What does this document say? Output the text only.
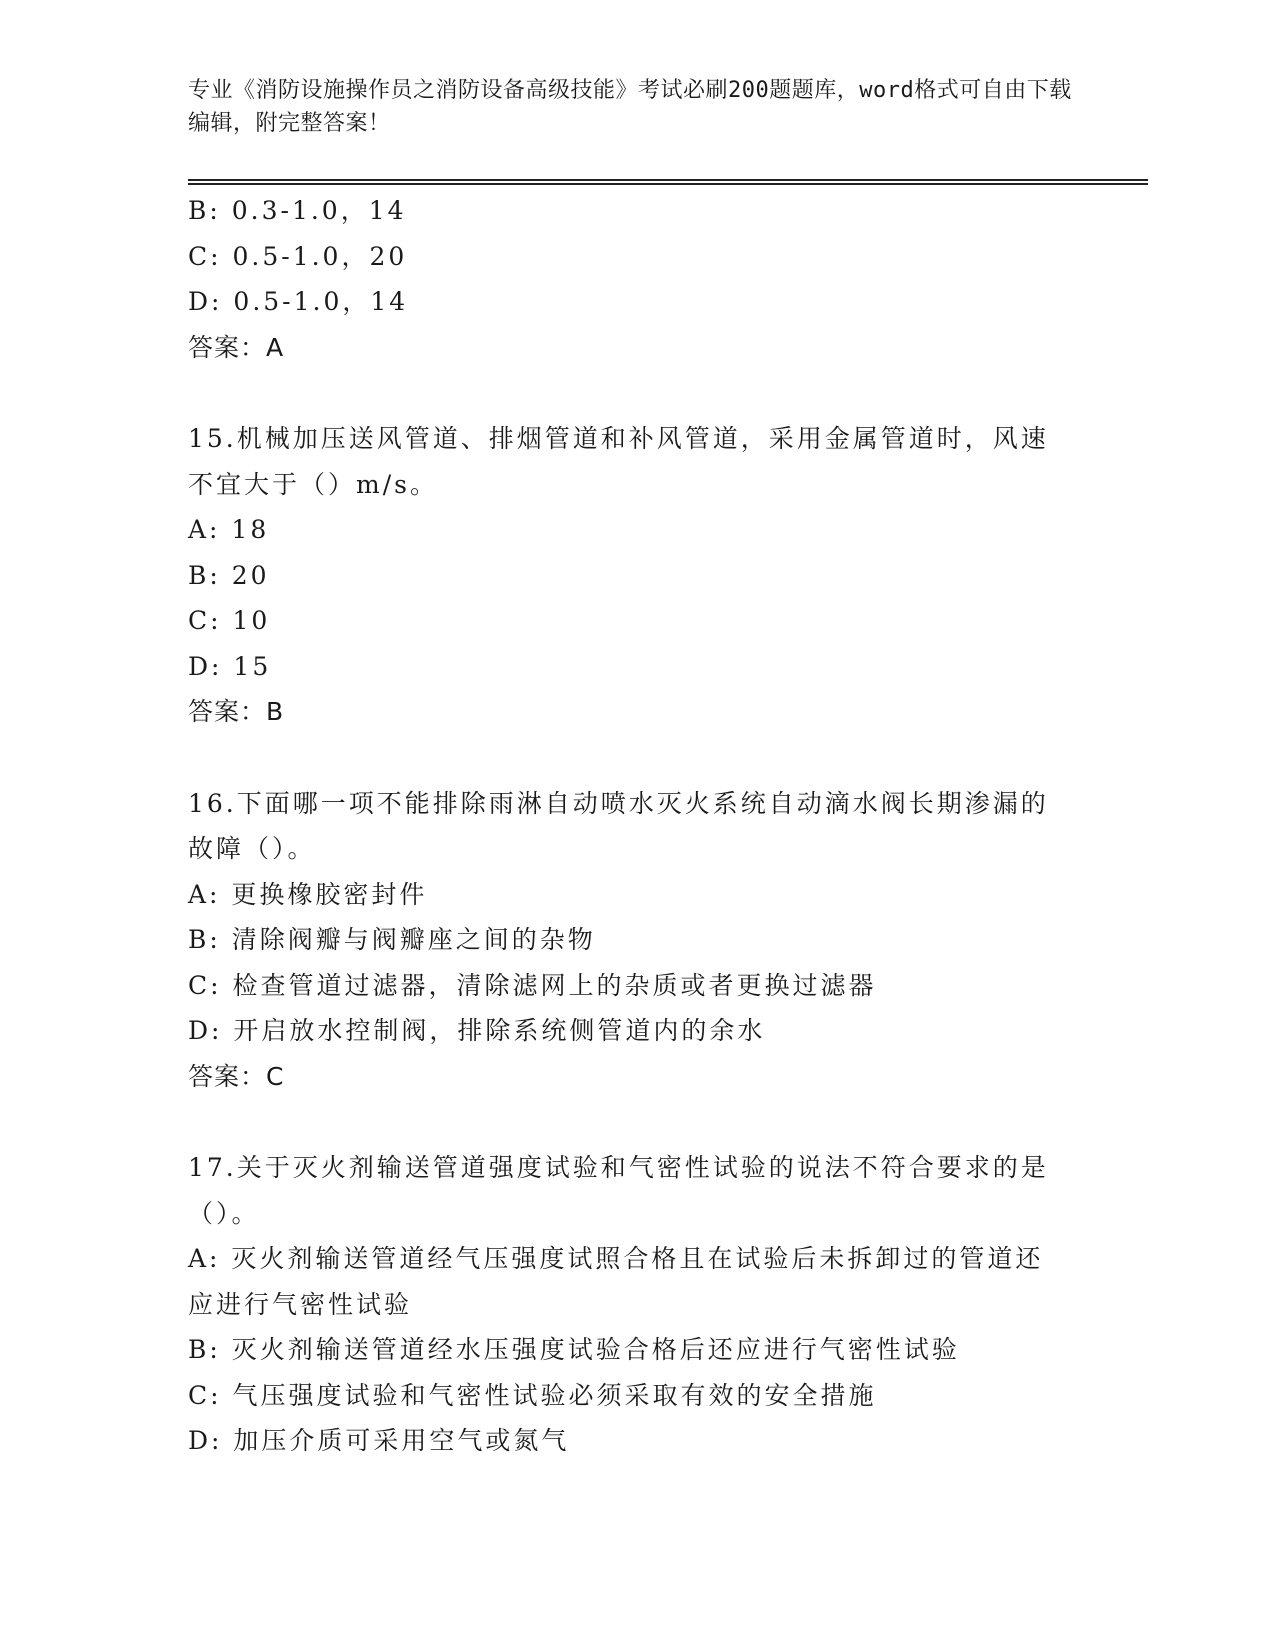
专业《消防设施操作员之消防设备高级技能》考试必刷200题题库，word格式可自由下载编辑，附完整答案！
B: 0.3-1.0，14
C: 0.5-1.0，20
D: 0.5-1.0，14
答案：A
15.机械加压送风管道、排烟管道和补风管道，采用金属管道时，风速不宜大于（）m/s。
A: 18
B: 20
C: 10
D: 15
答案：B
16.下面哪一项不能排除雨淋自动喷水灭火系统自动滴水阀长期渗漏的故障（）。
A: 更换橡胶密封件
B: 清除阀瓣与阀瓣座之间的杂物
C: 检查管道过滤器，清除滤网上的杂质或者更换过滤器
D: 开启放水控制阀，排除系统侧管道内的余水
答案：C
17.关于灭火剂输送管道强度试验和气密性试验的说法不符合要求的是（）。
A: 灭火剂输送管道经气压强度试照合格且在试验后未拆卸过的管道还应进行气密性试验
B: 灭火剂输送管道经水压强度试验合格后还应进行气密性试验
C: 气压强度试验和气密性试验必须采取有效的安全措施
D: 加压介质可采用空气或氮气
